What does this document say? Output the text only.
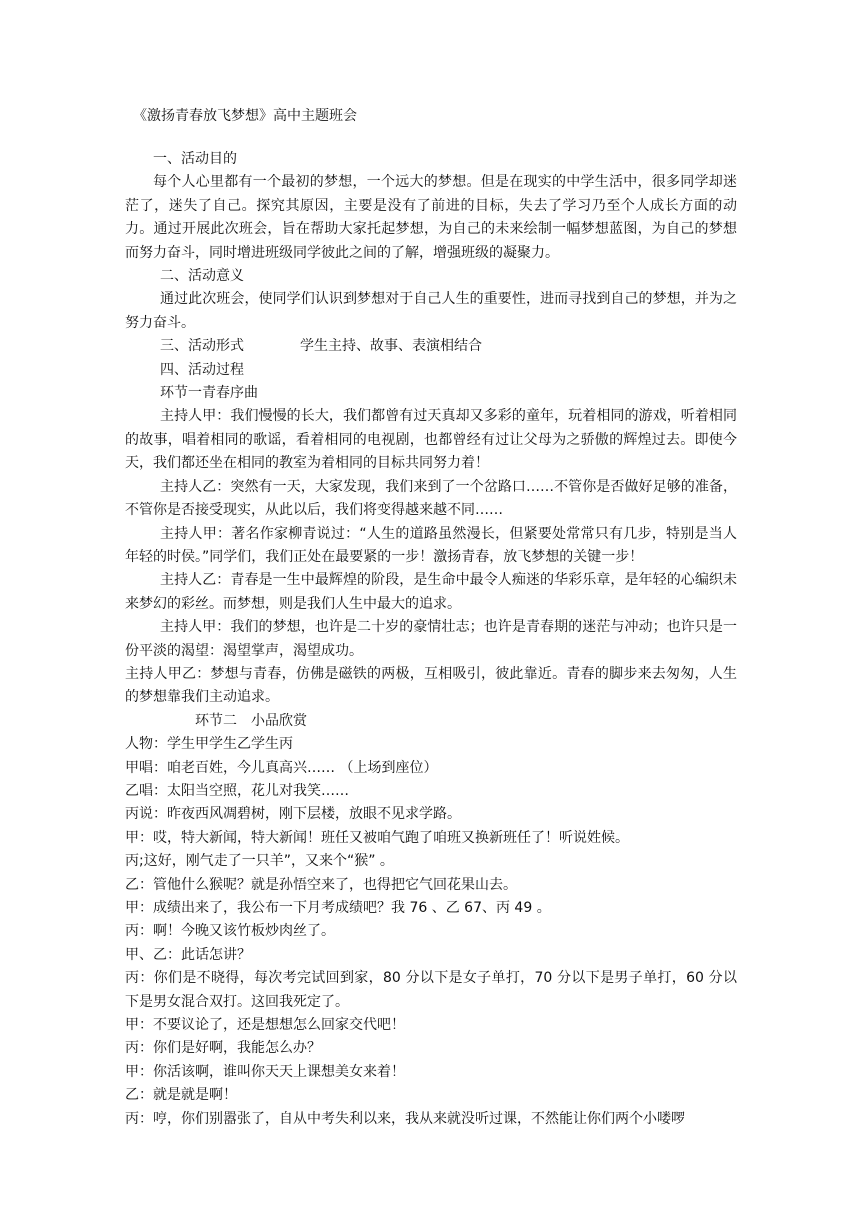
《激扬青春放飞梦想》高中主题班会

一、活动目的

每个人心里都有一个最初的梦想，一个远大的梦想。但是在现实的中学生活中，很多同学却迷茫了，迷失了自己。探究其原因，主要是没有了前进的目标，失去了学习乃至个人成长方面的动力。通过开展此次班会，旨在帮助大家托起梦想，为自己的未来绘制一幅梦想蓝图，为自己的梦想而努力奋斗，同时增进班级同学彼此之间的了解，增强班级的凝聚力。

二、活动意义

通过此次班会，使同学们认识到梦想对于自己人生的重要性，进而寻找到自己的梦想，并为之努力奋斗。

三、活动形式	学生主持、故事、表演相结合

四、活动过程

环节一青春序曲

主持人甲：我们慢慢的长大，我们都曾有过天真却又多彩的童年，玩着相同的游戏，听着相同的故事，唱着相同的歌谣，看着相同的电视剧，也都曾经有过让父母为之骄傲的辉煌过去。即使今天，我们都还坐在相同的教室为着相同的目标共同努力着！

主持人乙：突然有一天，大家发现，我们来到了一个岔路口……不管你是否做好足够的准备，不管你是否接受现实，从此以后，我们将变得越来越不同……

主持人甲：著名作家柳青说过：“人生的道路虽然漫长，但紧要处常常只有几步，特别是当人年轻的时侯。”同学们，我们正处在最要紧的一步！激扬青春，放飞梦想的关键一步！

主持人乙：青春是一生中最辉煌的阶段，是生命中最令人痴迷的华彩乐章，是年轻的心编织未来梦幻的彩丝。而梦想，则是我们人生中最大的追求。

主持人甲：我们的梦想，也许是二十岁的豪情壮志；也许是青春期的迷茫与冲动；也许只是一份平淡的渴望：渴望掌声，渴望成功。

主持人甲乙：梦想与青春，仿佛是磁铁的两极，互相吸引，彼此靠近。青春的脚步来去匆匆，人生的梦想靠我们主动追求。

环节二 小品欣赏

人物：学生甲学生乙学生丙

甲唱：咱老百姓，今儿真高兴…… （上场到座位）

乙唱：太阳当空照，花儿对我笑……

丙说：昨夜西风凋碧树，刚下层楼，放眼不见求学路。

甲：哎，特大新闻，特大新闻！班任又被咱气跑了咱班又换新班任了！听说姓候。

丙;这好，刚气走了一只羊”，又来个“猴” 。

乙：管他什么猴呢？就是孙悟空来了，也得把它气回花果山去。

甲：成绩出来了，我公布一下月考成绩吧？我 76 、乙 67、丙 49 。

丙：啊！今晚又该竹板炒肉丝了。

甲、乙：此话怎讲？

丙：你们是不晓得，每次考完试回到家，80 分以下是女子单打，70 分以下是男子单打，60 分以下是男女混合双打。这回我死定了。

甲：不要议论了，还是想想怎么回家交代吧！

丙：你们是好啊，我能怎么办？

甲：你活该啊，谁叫你天天上课想美女来着！

乙：就是就是啊！

丙：哼，你们别嚣张了，自从中考失利以来，我从来就没听过课，不然能让你们两个小喽啰
